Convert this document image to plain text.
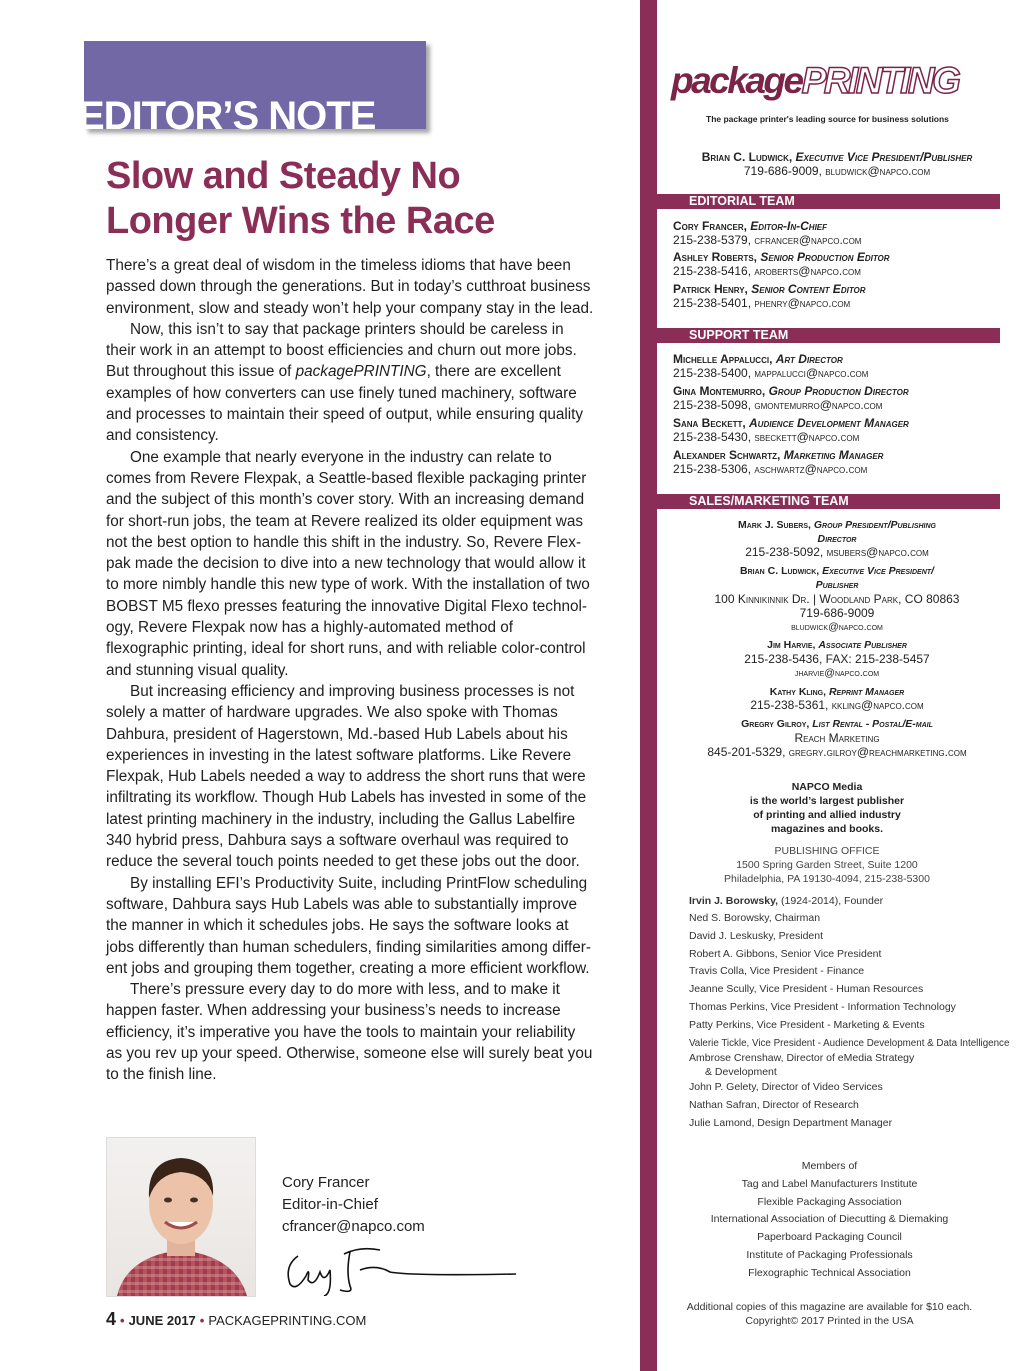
EDITOR’S NOTE
Slow and Steady No Longer Wins the Race

There’s a great deal of wisdom in the timeless idioms that have been passed down through the generations. But in today’s cutthroat business environment, slow and steady won’t help your company stay in the lead.

Now, this isn’t to say that package printers should be careless in their work in an attempt to boost efficiencies and churn out more jobs. But throughout this issue of packagePRINTING, there are excellent examples of how converters can use finely tuned machinery, software and processes to maintain their speed of output, while ensuring quality and consistency.

One example that nearly everyone in the industry can relate to comes from Revere Flexpak, a Seattle-based flexible packaging printer and the subject of this month’s cover story. With an increasing demand for short-run jobs, the team at Revere realized its older equipment was not the best option to handle this shift in the industry. So, Revere Flexpak made the decision to dive into a new technology that would allow it to more nimbly handle this new type of work. With the installation of two BOBST M5 flexo presses featuring the innovative Digital Flexo technology, Revere Flexpak now has a highly-automated method of flexographic printing, ideal for short runs, and with reliable color-control and stunning visual quality.

But increasing efficiency and improving business processes is not solely a matter of hardware upgrades. We also spoke with Thomas Dahbura, president of Hagerstown, Md.-based Hub Labels about his experiences in investing in the latest software platforms. Like Revere Flexpak, Hub Labels needed a way to address the short runs that were infiltrating its workflow. Though Hub Labels has invested in some of the latest printing machinery in the industry, including the Gallus Labelfire 340 hybrid press, Dahbura says a software overhaul was required to reduce the several touch points needed to get these jobs out the door.

By installing EFI’s Productivity Suite, including PrintFlow scheduling software, Dahbura says Hub Labels was able to substantially improve the manner in which it schedules jobs. He says the software looks at jobs differently than human schedulers, finding similarities among different jobs and grouping them together, creating a more efficient workflow.

There’s pressure every day to do more with less, and to make it happen faster. When addressing your business’s needs to increase efficiency, it’s imperative you have the tools to maintain your reliability as you rev up your speed. Otherwise, someone else will surely beat you to the finish line.

Cory Francer
Editor-in-Chief
cfrancer@napco.com
4 • JUNE 2017 • PACKAGEPRINTING.COM
packagePRINTING
The package printer's leading source for business solutions
Brian C. Ludwick, Executive Vice President/Publisher
719-686-9009, bludwick@napco.com
EDITORIAL TEAM
Cory Francer, Editor-In-Chief
215-238-5379, cfrancer@napco.com
Ashley Roberts, Senior Production Editor
215-238-5416, aroberts@napco.com
Patrick Henry, Senior Content Editor
215-238-5401, phenry@napco.com
SUPPORT TEAM
Michelle Appalucci, Art Director
215-238-5400, mappalucci@napco.com
Gina Montemurro, Group Production Director
215-238-5098, gmontemurro@napco.com
Sana Beckett, Audience Development Manager
215-238-5430, sbeckett@napco.com
Alexander Schwartz, Marketing Manager
215-238-5306, aschwartz@napco.com
SALES/MARKETING TEAM
Mark J. Subers, Group President/Publishing
Director
215-238-5092, msubers@napco.com
Brian C. Ludwick, Executive Vice President/
Publisher
100 Kinnikinnik Dr. | Woodland Park, CO 80863
719-686-9009
bludwick@napco.com
Jim Harvie, Associate Publisher
215-238-5436, FAX: 215-238-5457
jharvie@napco.com
Kathy Kling, Reprint Manager
215-238-5361, kkling@napco.com
Gregry Gilroy, List Rental - Postal/E-mail
Reach Marketing
845-201-5329, gregry.gilroy@reachmarketing.com
NAPCO Media
is the world’s largest publisher
of printing and allied industry
magazines and books.
PUBLISHING OFFICE
1500 Spring Garden Street, Suite 1200
Philadelphia, PA 19130-4094, 215-238-5300
Irvin J. Borowsky, (1924-2014), Founder
Ned S. Borowsky, Chairman
David J. Leskusky, President
Robert A. Gibbons, Senior Vice President
Travis Colla, Vice President - Finance
Jeanne Scully, Vice President - Human Resources
Thomas Perkins, Vice President - Information Technology
Patty Perkins, Vice President - Marketing & Events
Valerie Tickle, Vice President - Audience Development & Data Intelligence
Ambrose Crenshaw, Director of eMedia Strategy
& Development
John P. Gelety, Director of Video Services
Nathan Safran, Director of Research
Julie Lamond, Design Department Manager
Members of
Tag and Label Manufacturers Institute
Flexible Packaging Association
International Association of Diecutting & Diemaking
Paperboard Packaging Council
Institute of Packaging Professionals
Flexographic Technical Association
Additional copies of this magazine are available for $10 each.
Copyright© 2017 Printed in the USA
